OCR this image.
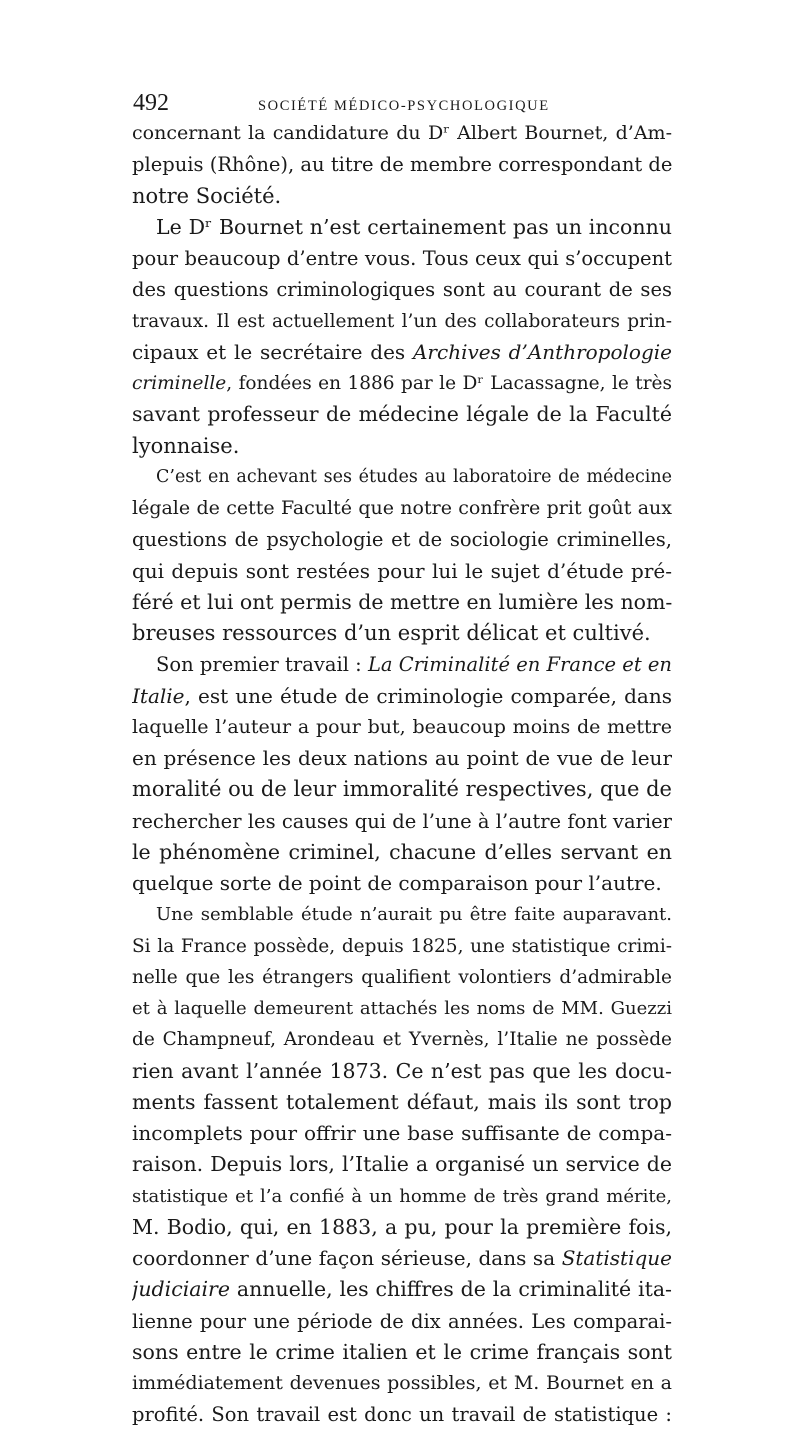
492	SOCIÉTÉ MÉDICO-PSYCHOLOGIQUE
concernant la candidature du Dʳ Albert Bournet, d’Am-
plepuis (Rhône), au titre de membre correspondant de
notre Société.
Le Dʳ Bournet n’est certainement pas un inconnu
pour beaucoup d’entre vous. Tous ceux qui s’occupent
des questions criminologiques sont au courant de ses
travaux. Il est actuellement l’un des collaborateurs prin-
cipaux et le secrétaire des Archives d’Anthropologie
criminelle, fondées en 1886 par le Dʳ Lacassagne, le très
savant professeur de médecine légale de la Faculté
lyonnaise.
C’est en achevant ses études au laboratoire de médecine
légale de cette Faculté que notre confrère prit goût aux
questions de psychologie et de sociologie criminelles,
qui depuis sont restées pour lui le sujet d’étude pré-
féré et lui ont permis de mettre en lumière les nom-
breuses ressources d’un esprit délicat et cultivé.
Son premier travail : La Criminalité en France et en
Italie, est une étude de criminologie comparée, dans
laquelle l’auteur a pour but, beaucoup moins de mettre
en présence les deux nations au point de vue de leur
moralité ou de leur immoralité respectives, que de
rechercher les causes qui de l’une à l’autre font varier
le phénomène criminel, chacune d’elles servant en
quelque sorte de point de comparaison pour l’autre.
Une semblable étude n’aurait pu être faite auparavant.
Si la France possède, depuis 1825, une statistique crimi-
nelle que les étrangers qualifient volontiers d’admirable
et à laquelle demeurent attachés les noms de MM. Guezzi
de Champneuf, Arondeau et Yvernès, l’Italie ne possède
rien avant l’année 1873. Ce n’est pas que les docu-
ments fassent totalement défaut, mais ils sont trop
incomplets pour offrir une base suffisante de compa-
raison. Depuis lors, l’Italie a organisé un service de
statistique et l’a confié à un homme de très grand mérite,
M. Bodio, qui, en 1883, a pu, pour la première fois,
coordonner d’une façon sérieuse, dans sa Statistique
judiciaire annuelle, les chiffres de la criminalité ita-
lienne pour une période de dix années. Les comparai-
sons entre le crime italien et le crime français sont
immédiatement devenues possibles, et M. Bournet en a
profité. Son travail est donc un travail de statistique :
